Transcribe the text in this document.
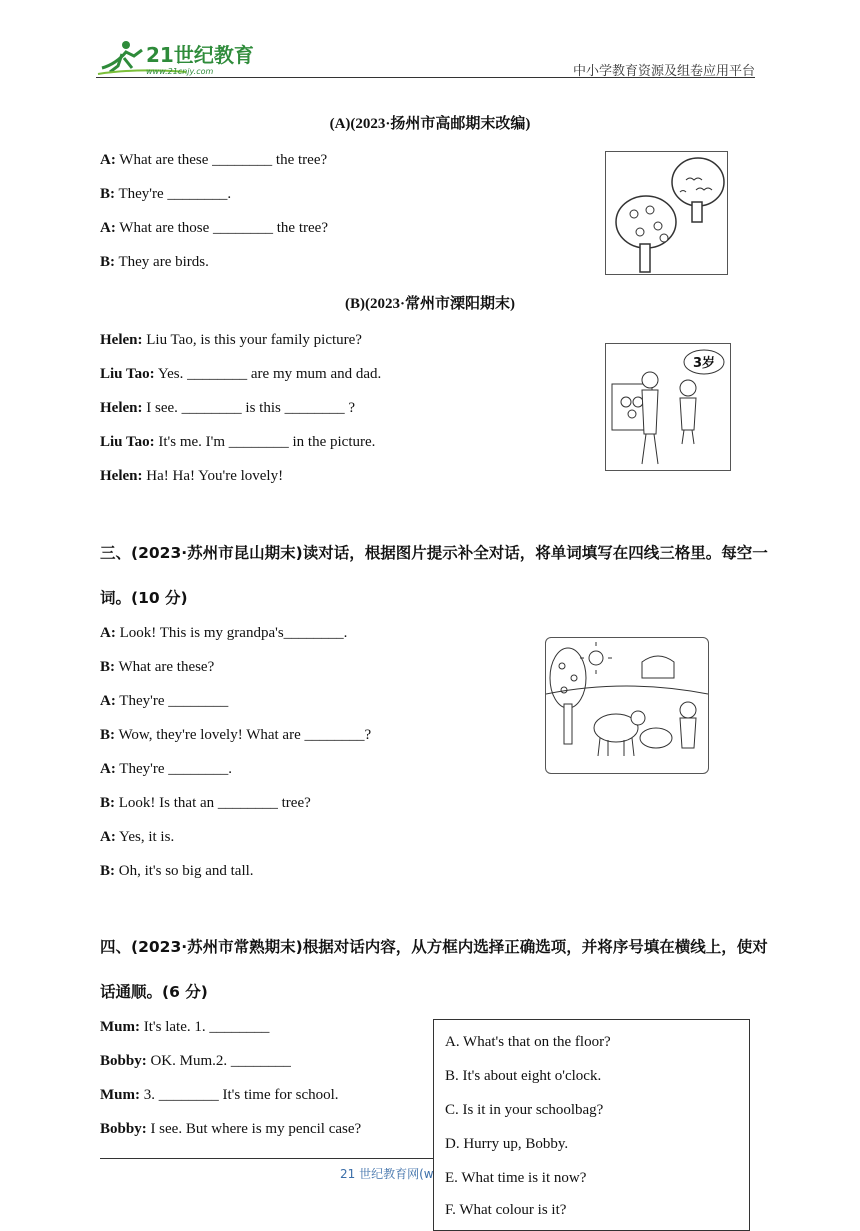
21世纪教育
www.21cnjy.com	中小学教育资源及组卷应用平台
(A)(2023·扬州市高邮期末改编)
A: What are these ________ the tree?
B: They're ________.
A: What are those ________ the tree?
B: They are birds.
(B)(2023·常州市溧阳期末)
Helen: Liu Tao, is this your family picture?
Liu Tao: Yes. ________ are my mum and dad.
Helen: I see. ________ is this ________ ?
Liu Tao: It's me. I'm ________ in the picture.
Helen: Ha! Ha! You're lovely!
3岁
三、(2023·苏州市昆山期末)读对话，根据图片提示补全对话，将单词填写在四线三格里。每空一
词。(10 分)
A: Look! This is my grandpa's________.
B: What are these?
A: They're ________
B: Wow, they're lovely! What are ________?
A: They're ________.
B: Look! Is that an ________ tree?
A: Yes, it is.
B: Oh, it's so big and tall.
四、(2023·苏州市常熟期末)根据对话内容，从方框内选择正确选项，并将序号填在横线上，使对
话通顺。(6 分)
Mum: It's late. 1. ________
Bobby: OK. Mum.2. ________
Mum: 3. ________ It's time for school.
Bobby: I see. But where is my pencil case?
A. What's that on the floor?
B. It's about eight o'clock.
C. Is it in your schoolbag?
D. Hurry up, Bobby.
E. What time is it now?
F. What colour is it?
21 世纪教育网(w
